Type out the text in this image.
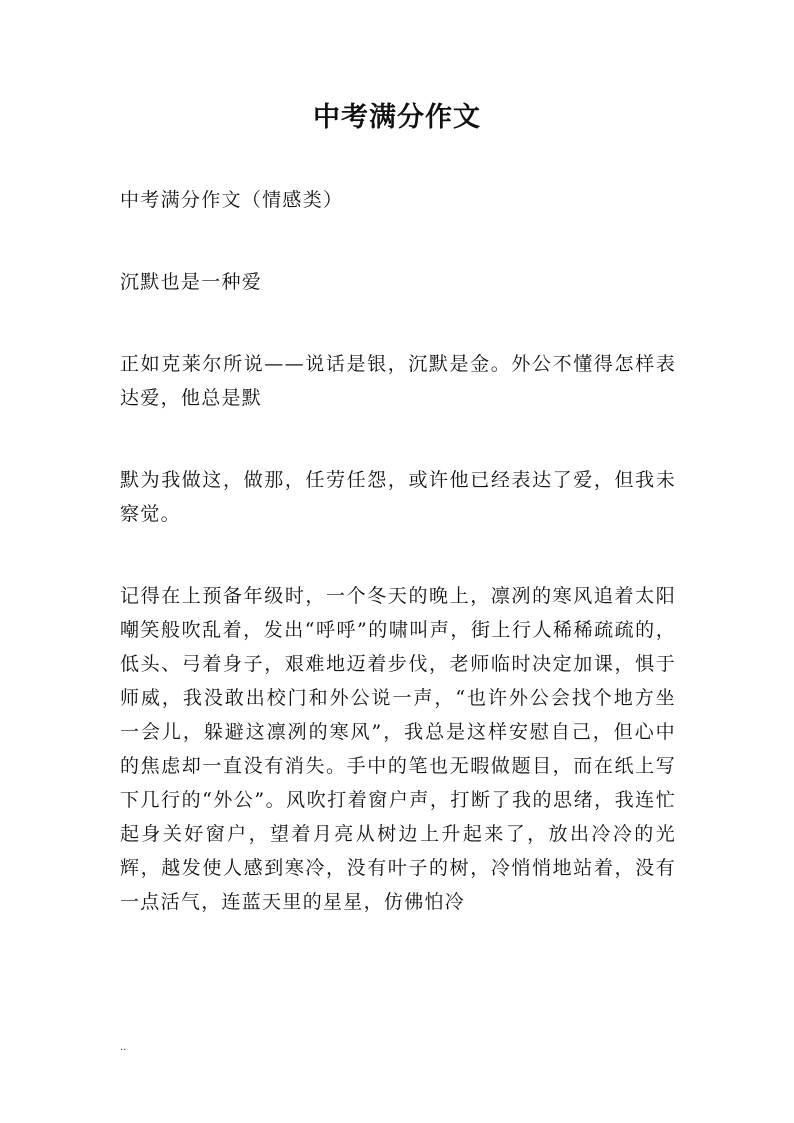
中考满分作文

中考满分作文（情感类）

沉默也是一种爱

正如克莱尔所说——说话是银，沉默是金。外公不懂得怎样表达爱，他总是默

默为我做这，做那，任劳任怨，或许他已经表达了爱，但我未察觉。

记得在上预备年级时，一个冬天的晚上，凛冽的寒风追着太阳嘲笑般吹乱着，发出“呼呼”的啸叫声，街上行人稀稀疏疏的，低头、弓着身子，艰难地迈着步伐，老师临时决定加课，惧于师威，我没敢出校门和外公说一声，“也许外公会找个地方坐一会儿，躲避这凛冽的寒风”，我总是这样安慰自己，但心中的焦虑却一直没有消失。手中的笔也无暇做题目，而在纸上写下几行的“外公”。风吹打着窗户声，打断了我的思绪，我连忙起身关好窗户，望着月亮从树边上升起来了，放出冷冷的光辉，越发使人感到寒冷，没有叶子的树，冷悄悄地站着，没有一点活气，连蓝天里的星星，仿佛怕冷

..
